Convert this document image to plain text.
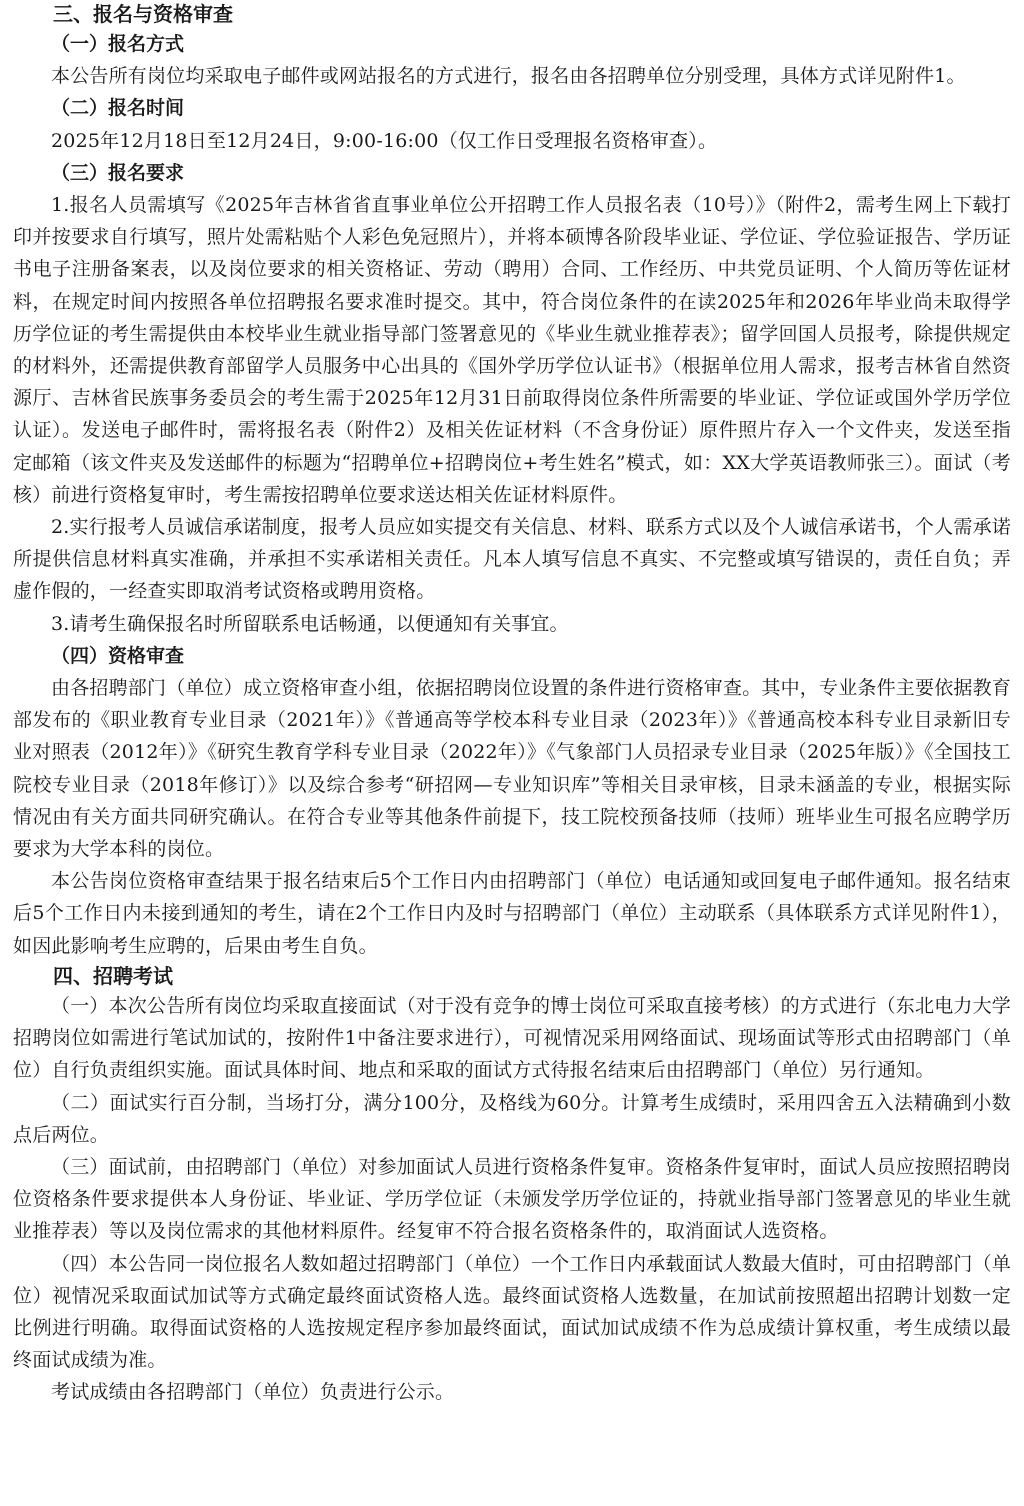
三、报名与资格审查
（一）报名方式

本公告所有岗位均采取电子邮件或网站报名的方式进行，报名由各招聘单位分别受理，具体方式详见附件1。

（二）报名时间

2025年12月18日至12月24日，9:00-16:00（仅工作日受理报名资格审查）。

（三）报名要求

1.报名人员需填写《2025年吉林省省直事业单位公开招聘工作人员报名表（10号）》（附件2，需考生网上下载打印并按要求自行填写，照片处需粘贴个人彩色免冠照片），并将本硕博各阶段毕业证、学位证、学位验证报告、学历证书电子注册备案表，以及岗位要求的相关资格证、劳动（聘用）合同、工作经历、中共党员证明、个人简历等佐证材料，在规定时间内按照各单位招聘报名要求准时提交。其中，符合岗位条件的在读2025年和2026年毕业尚未取得学历学位证的考生需提供由本校毕业生就业指导部门签署意见的《毕业生就业推荐表》；留学回国人员报考，除提供规定的材料外，还需提供教育部留学人员服务中心出具的《国外学历学位认证书》（根据单位用人需求，报考吉林省自然资源厅、吉林省民族事务委员会的考生需于2025年12月31日前取得岗位条件所需要的毕业证、学位证或国外学历学位认证）。发送电子邮件时，需将报名表（附件2）及相关佐证材料（不含身份证）原件照片存入一个文件夹，发送至指定邮箱（该文件夹及发送邮件的标题为“招聘单位+招聘岗位+考生姓名”模式，如：XX大学英语教师张三）。面试（考核）前进行资格复审时，考生需按招聘单位要求送达相关佐证材料原件。

2.实行报考人员诚信承诺制度，报考人员应如实提交有关信息、材料、联系方式以及个人诚信承诺书，个人需承诺所提供信息材料真实准确，并承担不实承诺相关责任。凡本人填写信息不真实、不完整或填写错误的，责任自负；弄虚作假的，一经查实即取消考试资格或聘用资格。

3.请考生确保报名时所留联系电话畅通，以便通知有关事宜。

（四）资格审查

由各招聘部门（单位）成立资格审查小组，依据招聘岗位设置的条件进行资格审查。其中，专业条件主要依据教育部发布的《职业教育专业目录（2021年）》《普通高等学校本科专业目录（2023年）》《普通高校本科专业目录新旧专业对照表（2012年）》《研究生教育学科专业目录（2022年）》《气象部门人员招录专业目录（2025年版）》《全国技工院校专业目录（2018年修订）》以及综合参考“研招网—专业知识库”等相关目录审核，目录未涵盖的专业，根据实际情况由有关方面共同研究确认。在符合专业等其他条件前提下，技工院校预备技师（技师）班毕业生可报名应聘学历要求为大学本科的岗位。

本公告岗位资格审查结果于报名结束后5个工作日内由招聘部门（单位）电话通知或回复电子邮件通知。报名结束后5个工作日内未接到通知的考生，请在2个工作日内及时与招聘部门（单位）主动联系（具体联系方式详见附件1），如因此影响考生应聘的，后果由考生自负。

四、招聘考试

（一）本次公告所有岗位均采取直接面试（对于没有竞争的博士岗位可采取直接考核）的方式进行（东北电力大学招聘岗位如需进行笔试加试的，按附件1中备注要求进行），可视情况采用网络面试、现场面试等形式由招聘部门（单位）自行负责组织实施。面试具体时间、地点和采取的面试方式待报名结束后由招聘部门（单位）另行通知。

（二）面试实行百分制，当场打分，满分100分，及格线为60分。计算考生成绩时，采用四舍五入法精确到小数点后两位。

（三）面试前，由招聘部门（单位）对参加面试人员进行资格条件复审。资格条件复审时，面试人员应按照招聘岗位资格条件要求提供本人身份证、毕业证、学历学位证（未颁发学历学位证的，持就业指导部门签署意见的毕业生就业推荐表）等以及岗位需求的其他材料原件。经复审不符合报名资格条件的，取消面试人选资格。

（四）本公告同一岗位报名人数如超过招聘部门（单位）一个工作日内承载面试人数最大值时，可由招聘部门（单位）视情况采取面试加试等方式确定最终面试资格人选。最终面试资格人选数量，在加试前按照超出招聘计划数一定比例进行明确。取得面试资格的人选按规定程序参加最终面试，面试加试成绩不作为总成绩计算权重，考生成绩以最终面试成绩为准。

考试成绩由各招聘部门（单位）负责进行公示。
